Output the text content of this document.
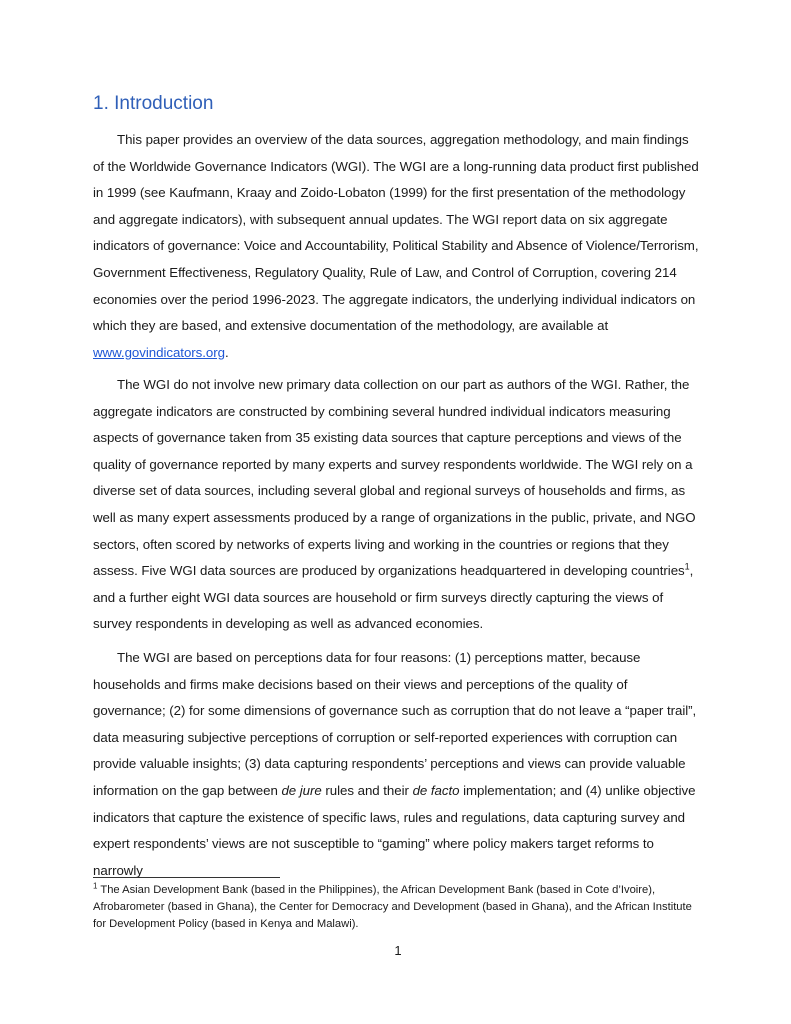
1. Introduction

This paper provides an overview of the data sources, aggregation methodology, and main findings of the Worldwide Governance Indicators (WGI). The WGI are a long-running data product first published in 1999 (see Kaufmann, Kraay and Zoido-Lobaton (1999) for the first presentation of the methodology and aggregate indicators), with subsequent annual updates. The WGI report data on six aggregate indicators of governance: Voice and Accountability, Political Stability and Absence of Violence/Terrorism, Government Effectiveness, Regulatory Quality, Rule of Law, and Control of Corruption, covering 214 economies over the period 1996-2023. The aggregate indicators, the underlying individual indicators on which they are based, and extensive documentation of the methodology, are available at www.govindicators.org.

The WGI do not involve new primary data collection on our part as authors of the WGI. Rather, the aggregate indicators are constructed by combining several hundred individual indicators measuring aspects of governance taken from 35 existing data sources that capture perceptions and views of the quality of governance reported by many experts and survey respondents worldwide. The WGI rely on a diverse set of data sources, including several global and regional surveys of households and firms, as well as many expert assessments produced by a range of organizations in the public, private, and NGO sectors, often scored by networks of experts living and working in the countries or regions that they assess. Five WGI data sources are produced by organizations headquartered in developing countries$^1$, and a further eight WGI data sources are household or firm surveys directly capturing the views of survey respondents in developing as well as advanced economies.

The WGI are based on perceptions data for four reasons: (1) perceptions matter, because households and firms make decisions based on their views and perceptions of the quality of governance; (2) for some dimensions of governance such as corruption that do not leave a “paper trail”, data measuring subjective perceptions of corruption or self-reported experiences with corruption can provide valuable insights; (3) data capturing respondents’ perceptions and views can provide valuable information on the gap between de jure rules and their de facto implementation; and (4) unlike objective indicators that capture the existence of specific laws, rules and regulations, data capturing survey and expert respondents’ views are not susceptible to “gaming” where policy makers target reforms to narrowly

$^1$ The Asian Development Bank (based in the Philippines), the African Development Bank (based in Cote d’Ivoire), Afrobarometer (based in Ghana), the Center for Democracy and Development (based in Ghana), and the African Institute for Development Policy (based in Kenya and Malawi).

1
